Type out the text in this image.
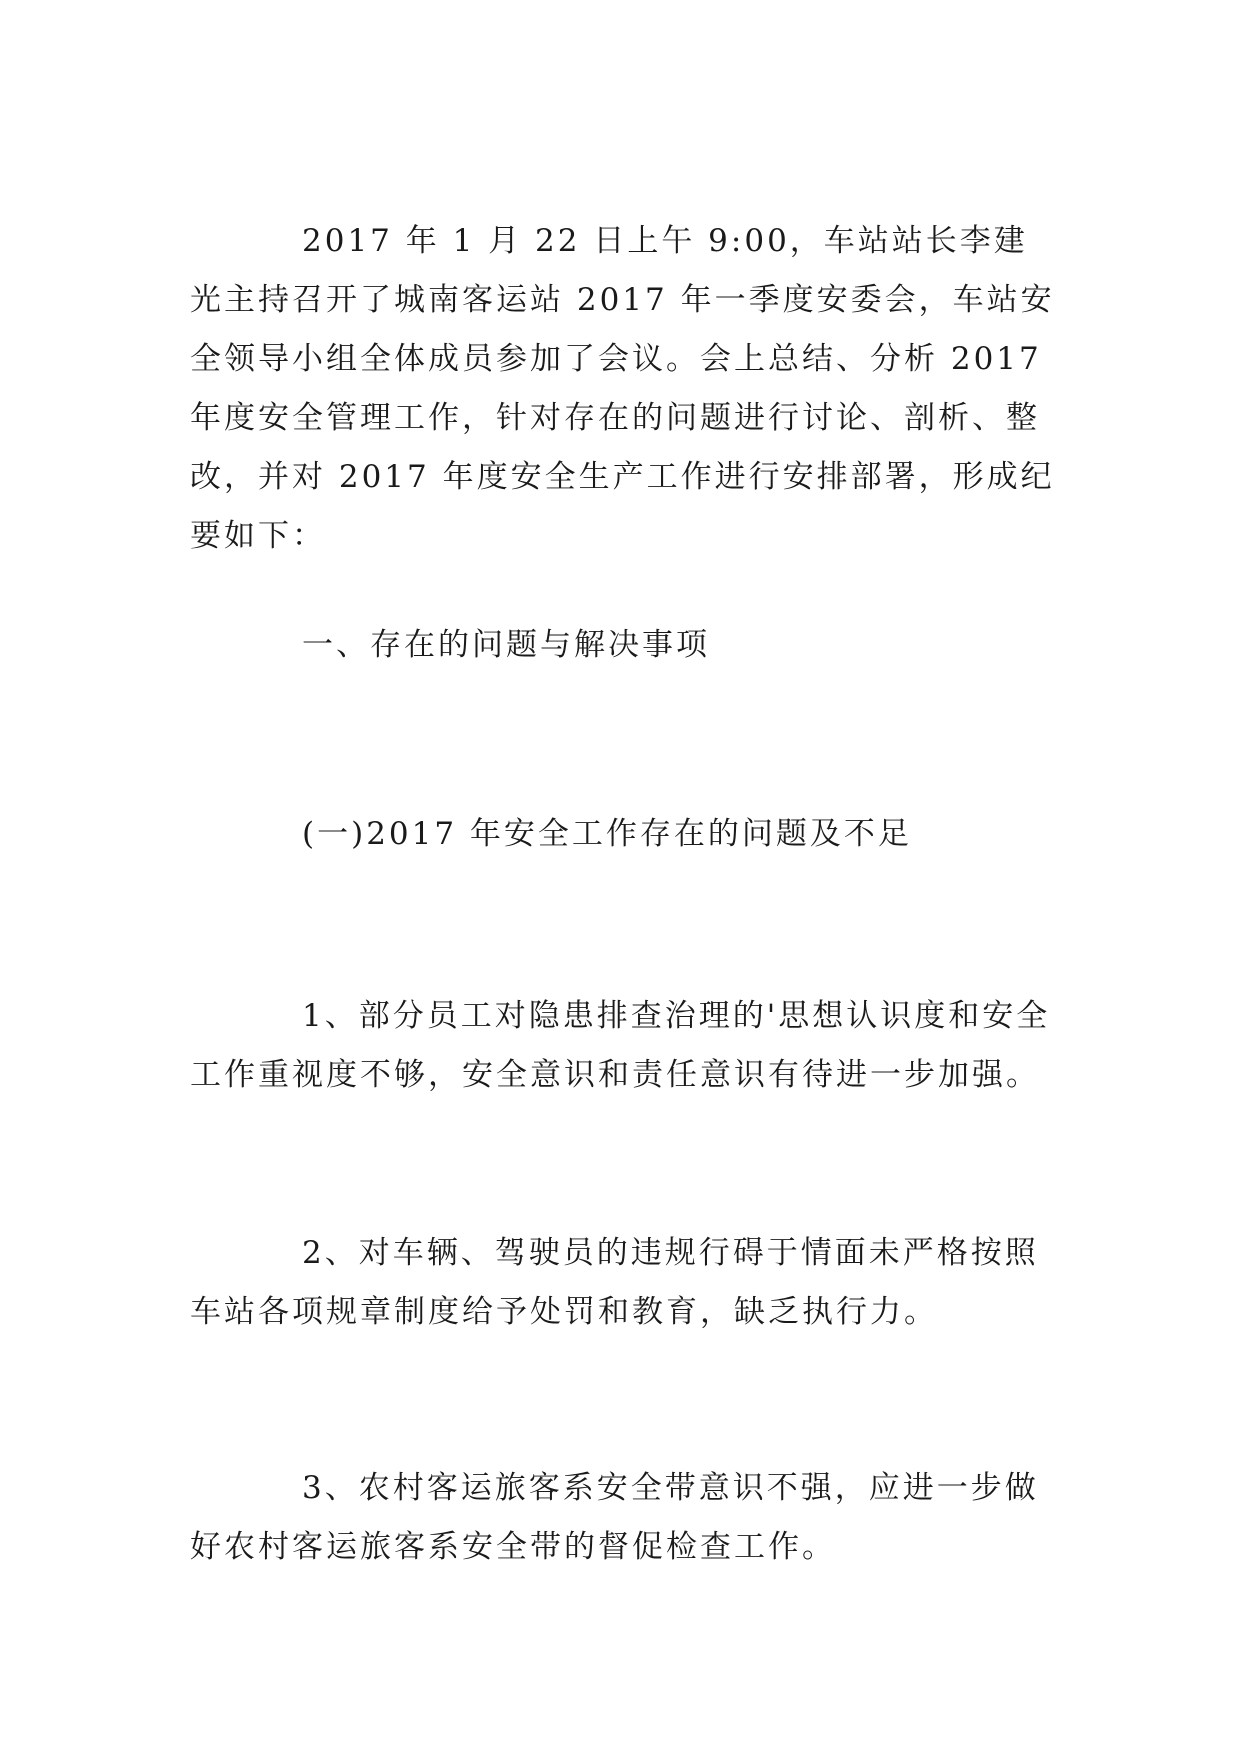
2017 年 1 月 22 日上午 9:00，车站站长李建光主持召开了城南客运站 2017 年一季度安委会，车站安全领导小组全体成员参加了会议。会上总结、分析 2017 年度安全管理工作，针对存在的问题进行讨论、剖析、整改，并对 2017 年度安全生产工作进行安排部署，形成纪要如下：

一、存在的问题与解决事项

(一)2017 年安全工作存在的问题及不足

1、部分员工对隐患排查治理的'思想认识度和安全工作重视度不够，安全意识和责任意识有待进一步加强。

2、对车辆、驾驶员的违规行碍于情面未严格按照车站各项规章制度给予处罚和教育，缺乏执行力。

3、农村客运旅客系安全带意识不强，应进一步做好农村客运旅客系安全带的督促检查工作。
